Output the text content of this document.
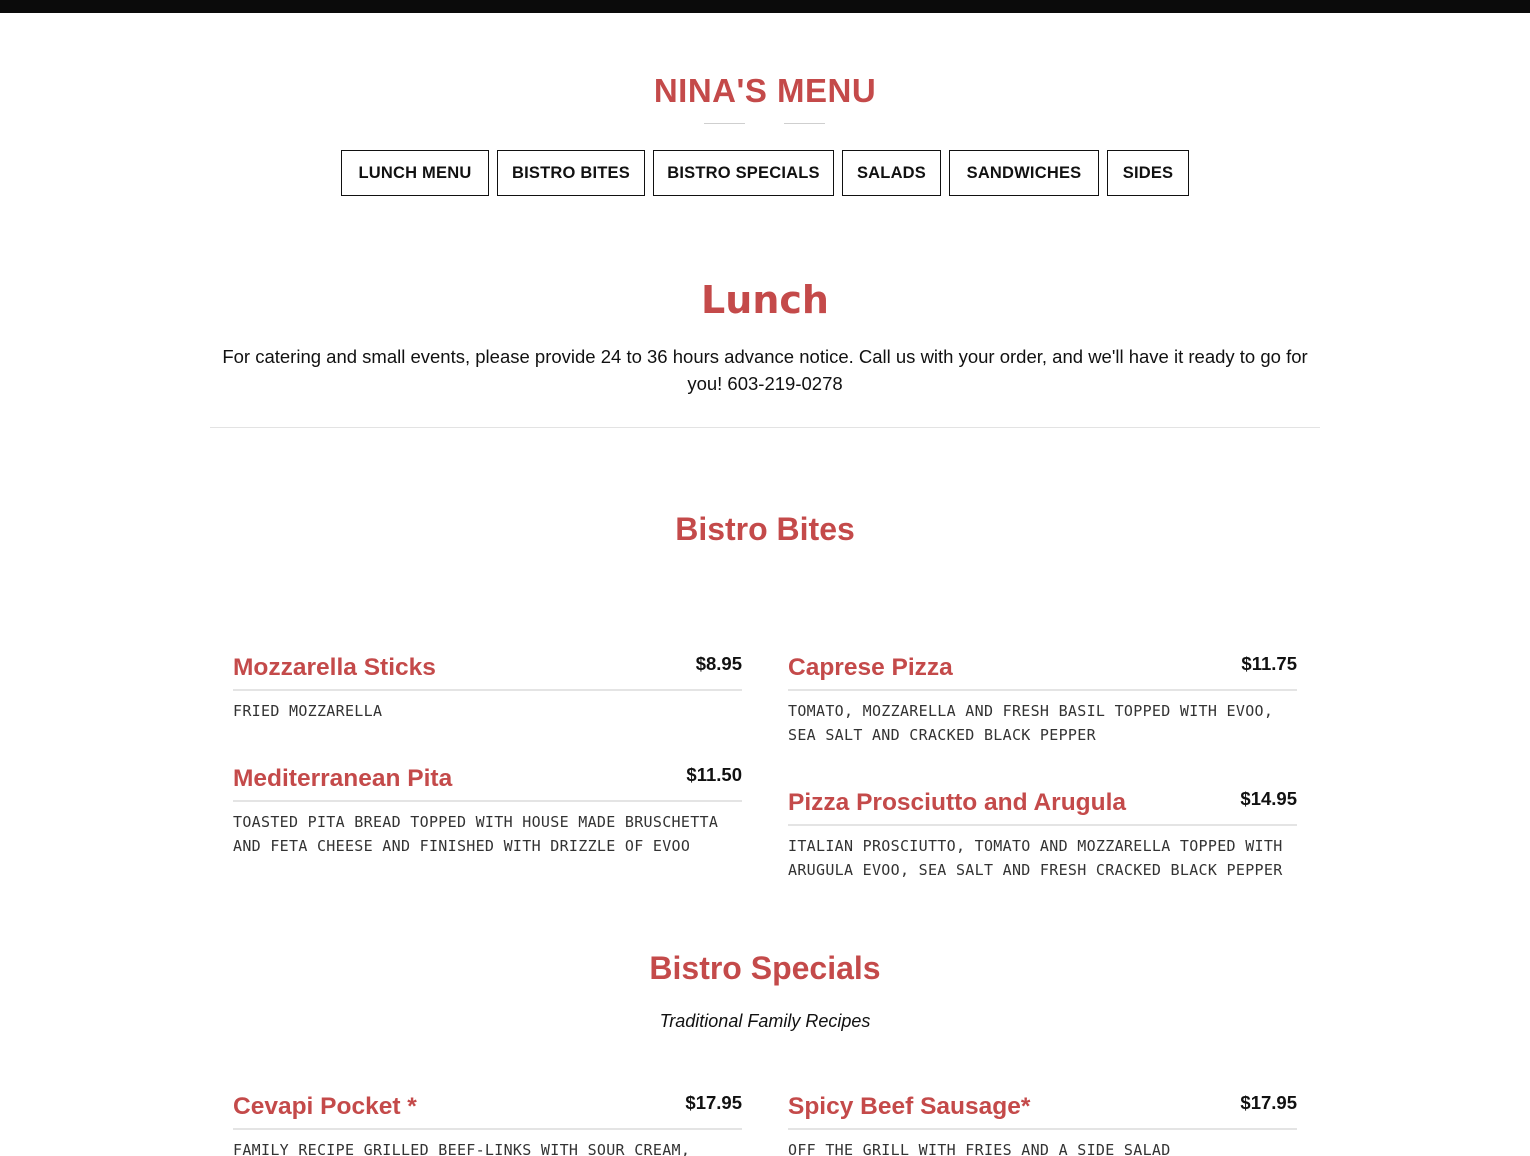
NINA'S MENU
LUNCH MENU	BISTRO BITES	BISTRO SPECIALS	SALADS	SANDWICHES	SIDES
Lunch
For catering and small events, please provide 24 to 36 hours advance notice. Call us with your order, and we'll have it ready to go for you! 603-219-0278
Bistro Bites
Mozzarella Sticks	$8.95
FRIED MOZZARELLA
Caprese Pizza	$11.75
TOMATO, MOZZARELLA AND FRESH BASIL TOPPED WITH EVOO, SEA SALT AND CRACKED BLACK PEPPER
Mediterranean Pita	$11.50
TOASTED PITA BREAD TOPPED WITH HOUSE MADE BRUSCHETTA AND FETA CHEESE AND FINISHED WITH DRIZZLE OF EVOO
Pizza Prosciutto and Arugula	$14.95
ITALIAN PROSCIUTTO, TOMATO AND MOZZARELLA TOPPED WITH ARUGULA EVOO, SEA SALT AND FRESH CRACKED BLACK PEPPER
Bistro Specials
Traditional Family Recipes
Cevapi Pocket *	$17.95
FAMILY RECIPE GRILLED BEEF-LINKS WITH SOUR CREAM,
Spicy Beef Sausage*	$17.95
OFF THE GRILL WITH FRIES AND A SIDE SALAD
